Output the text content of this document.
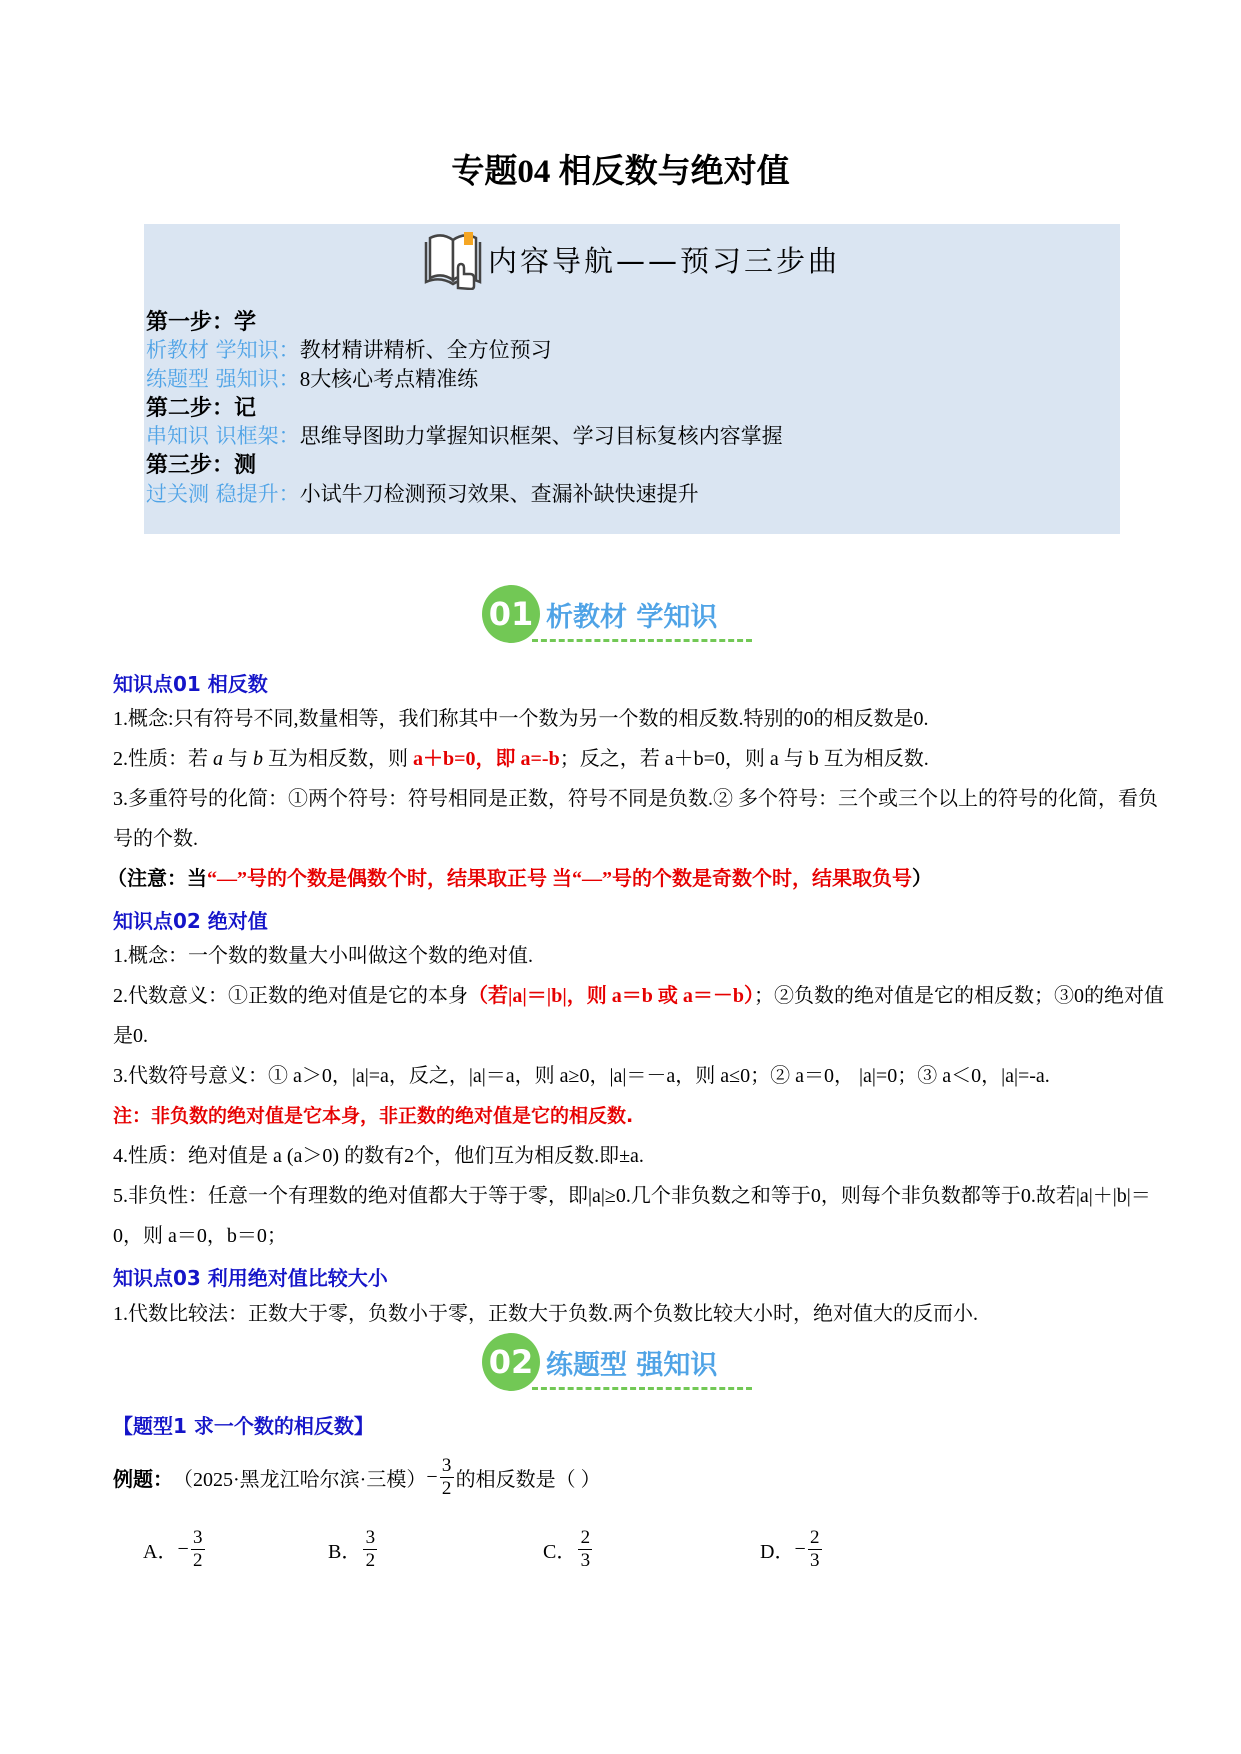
专题04 相反数与绝对值
内容导航——预习三步曲
第一步：学
析教材 学知识：教材精讲精析、全方位预习
练题型 强知识：8大核心考点精准练
第二步：记
串知识 识框架：思维导图助力掌握知识框架、学习目标复核内容掌握
第三步：测
过关测 稳提升：小试牛刀检测预习效果、查漏补缺快速提升
01 析教材 学知识
知识点01 相反数
1.概念:只有符号不同,数量相等，我们称其中一个数为另一个数的相反数.特别的0的相反数是0.
2.性质：若 a 与 b 互为相反数，则 a＋b=0，即 a=-b；反之，若 a＋b=0，则 a 与 b 互为相反数.
3.多重符号的化简：①两个符号：符号相同是正数，符号不同是负数.② 多个符号：三个或三个以上的符号的化简，看负号的个数.
（注意：当“—”号的个数是偶数个时，结果取正号 当“—”号的个数是奇数个时，结果取负号）
知识点02 绝对值
1.概念：一个数的数量大小叫做这个数的绝对值.
2.代数意义：①正数的绝对值是它的本身（若|a|＝|b|，则 a＝b 或 a＝－b）；②负数的绝对值是它的相反数；③0的绝对值是0.
3.代数符号意义：① a＞0，|a|=a，反之，|a|＝a，则 a≥0，|a|＝－a，则 a≤0；② a＝0， |a|=0；③ a＜0，|a|=-a.
注：非负数的绝对值是它本身，非正数的绝对值是它的相反数.
4.性质：绝对值是 a (a＞0) 的数有2个，他们互为相反数.即±a.
5.非负性：任意一个有理数的绝对值都大于等于零，即|a|≥0.几个非负数之和等于0，则每个非负数都等于0.故若|a|＋|b|＝0，则 a＝0，b＝0；
知识点03 利用绝对值比较大小
1.代数比较法：正数大于零，负数小于零，正数大于负数.两个负数比较大小时，绝对值大的反而小.
02 练题型 强知识
【题型1 求一个数的相反数】
例题： （2025·黑龙江哈尔滨·三模） − $\frac{3}{2}$ 的相反数是（ ）
A． − $\frac{3}{2}$	B． $\frac{3}{2}$	C． $\frac{2}{3}$	D． − $\frac{2}{3}$
